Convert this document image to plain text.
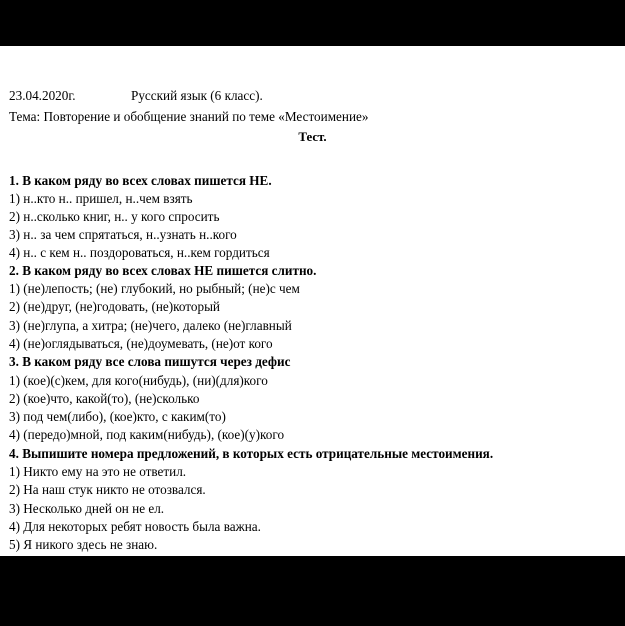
23.04.2020г.	Русский язык (6 класс).
Тема: Повторение и обобщение знаний по теме «Местоимение»
Тест.
1. В каком ряду во всех словах пишется НЕ.
1) н..кто н.. пришел, н..чем взять
2) н..сколько книг, н.. у кого спросить
3) н.. за чем спрятаться, н..узнать н..кого
4) н.. с кем н.. поздороваться, н..кем гордиться
2. В каком ряду во всех словах НЕ пишется слитно.
1) (не)лепость; (не) глубокий, но рыбный; (не)с чем
2) (не)друг, (не)годовать, (не)который
3) (не)глупа, а хитра; (не)чего, далеко (не)главный
4) (не)оглядываться, (не)доумевать, (не)от кого
3. В каком ряду все слова пишутся через дефис
1) (кое)(с)кем, для кого(нибудь), (ни)(для)кого
2) (кое)что, какой(то), (не)сколько
3) под чем(либо), (кое)кто, с каким(то)
4) (передо)мной, под каким(нибудь), (кое)(у)кого
4. Выпишите номера предложений, в которых есть отрицательные местоимения.
1) Никто ему на это не ответил.
2) На наш стук никто не отозвался.
3) Несколько дней он не ел.
4) Для некоторых ребят новость была важна.
5) Я никого здесь не знаю.
